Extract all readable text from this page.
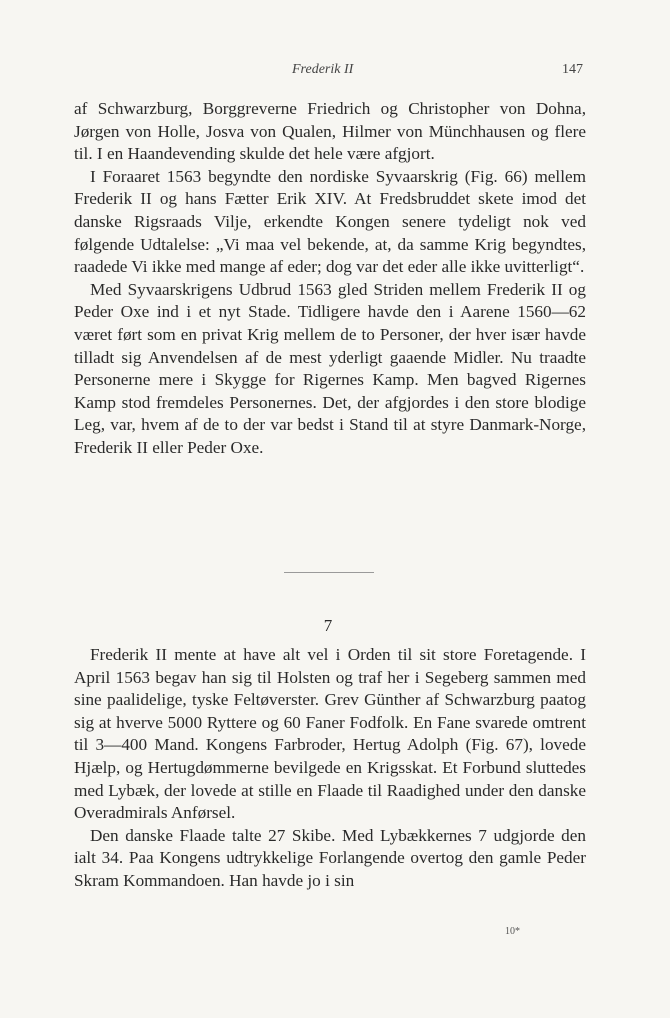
Frederik II	147

af Schwarzburg, Borggreverne Friedrich og Christopher von Dohna, Jørgen von Holle, Josva von Qualen, Hilmer von Münchhausen og flere til. I en Haandevending skulde det hele være afgjort.

I Foraaret 1563 begyndte den nordiske Syvaarskrig (Fig. 66) mellem Frederik II og hans Fætter Erik XIV. At Fredsbruddet skete imod det danske Rigsraads Vilje, erkendte Kongen senere tydeligt nok ved følgende Udtalelse: „Vi maa vel bekende, at, da samme Krig begyndtes, raadede Vi ikke med mange af eder; dog var det eder alle ikke uvitterligt“.

Med Syvaarskrigens Udbrud 1563 gled Striden mellem Frederik II og Peder Oxe ind i et nyt Stade. Tidligere havde den i Aarene 1560—62 været ført som en privat Krig mellem de to Personer, der hver især havde tilladt sig Anvendelsen af de mest yderligt gaaende Midler. Nu traadte Personerne mere i Skygge for Rigernes Kamp. Men bagved Rigernes Kamp stod fremdeles Personernes. Det, der afgjordes i den store blodige Leg, var, hvem af de to der var bedst i Stand til at styre Danmark-Norge, Frederik II eller Peder Oxe.

7

Frederik II mente at have alt vel i Orden til sit store Foretagende. I April 1563 begav han sig til Holsten og traf her i Segeberg sammen med sine paalidelige, tyske Feltøverster. Grev Günther af Schwarzburg paatog sig at hverve 5000 Ryttere og 60 Faner Fodfolk. En Fane svarede omtrent til 3—400 Mand. Kongens Farbroder, Hertug Adolph (Fig. 67), lovede Hjælp, og Hertugdømmerne bevilgede en Krigsskat. Et Forbund sluttedes med Lybæk, der lovede at stille en Flaade til Raadighed under den danske Overadmirals Anførsel.

Den danske Flaade talte 27 Skibe. Med Lybækkernes 7 udgjorde den ialt 34. Paa Kongens udtrykkelige Forlangende overtog den gamle Peder Skram Kommandoen. Han havde jo i sin

10*
